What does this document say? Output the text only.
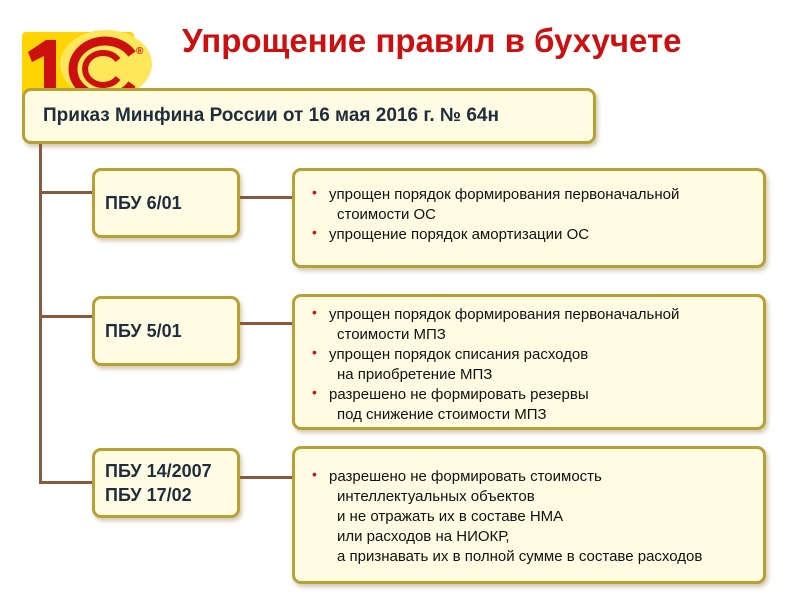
® Упрощение правил в бухучете
Приказ Минфина России от 16 мая 2016 г. № 64н
ПБУ 6/01
• упрощен порядок формирования первоначальной
стоимости ОС
• упрощение порядок амортизации ОС
ПБУ 5/01
• упрощен порядок формирования первоначальной
стоимости МПЗ
• упрощен порядок списания расходов
на приобретение МПЗ
• разрешено не формировать резервы
под снижение стоимости МПЗ
ПБУ 14/2007
ПБУ 17/02
• разрешено не формировать стоимость
интеллектуальных объектов
и не отражать их в составе НМА
или расходов на НИОКР,
а признавать их в полной сумме в составе расходов
